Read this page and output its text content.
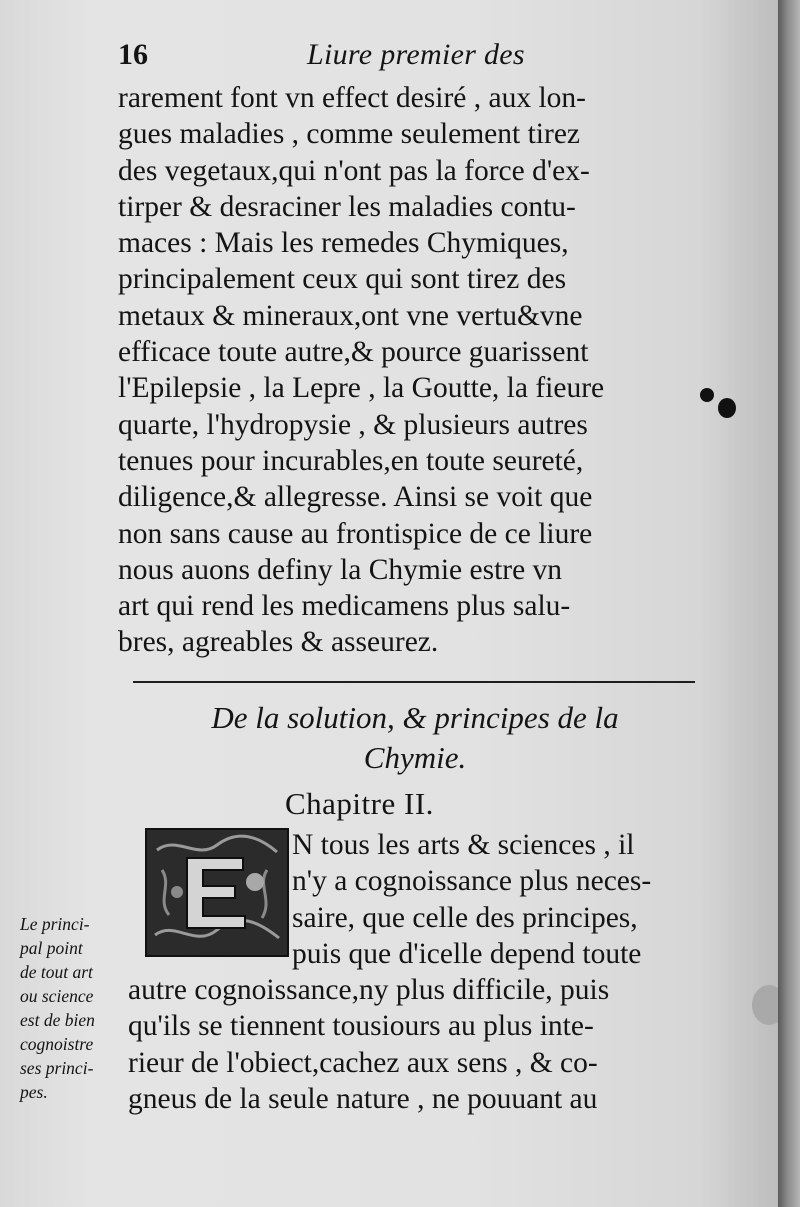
16	Liure premier des
rarement font vn effect desiré , aux lon-
gues maladies , comme seulement tirez
des vegetaux,qui n'ont pas la force d'ex-
tirper & desraciner les maladies contu-
maces : Mais les remedes Chymiques,
principalement ceux qui sont tirez des
metaux & mineraux,ont vne vertu&vne
efficace toute autre,& pource guarissent
l'Epilepsie , la Lepre , la Goutte, la fieure
quarte, l'hydropysie , & plusieurs autres
tenues pour incurables,en toute seureté,
diligence,& allegresse. Ainsi se voit que
non sans cause au frontispice de ce liure
nous auons definy la Chymie estre vn
art qui rend les medicamens plus salu-
bres, agreables & asseurez.
De la solution, & principes de la
Chymie.
Chapitre II.
N tous les arts & sciences , il
n'y a cognoissance plus neces-
saire, que celle des principes,
puis que d'icelle depend toute
autre cognoissance,ny plus difficile, puis
qu'ils se tiennent tousiours au plus inte-
rieur de l'obiect,cachez aux sens , & co-
gneus de la seule nature , ne pouuant au
Le princi-
pal point
de tout art
ou science
est de bien
cognoistre
ses princi-
pes.
